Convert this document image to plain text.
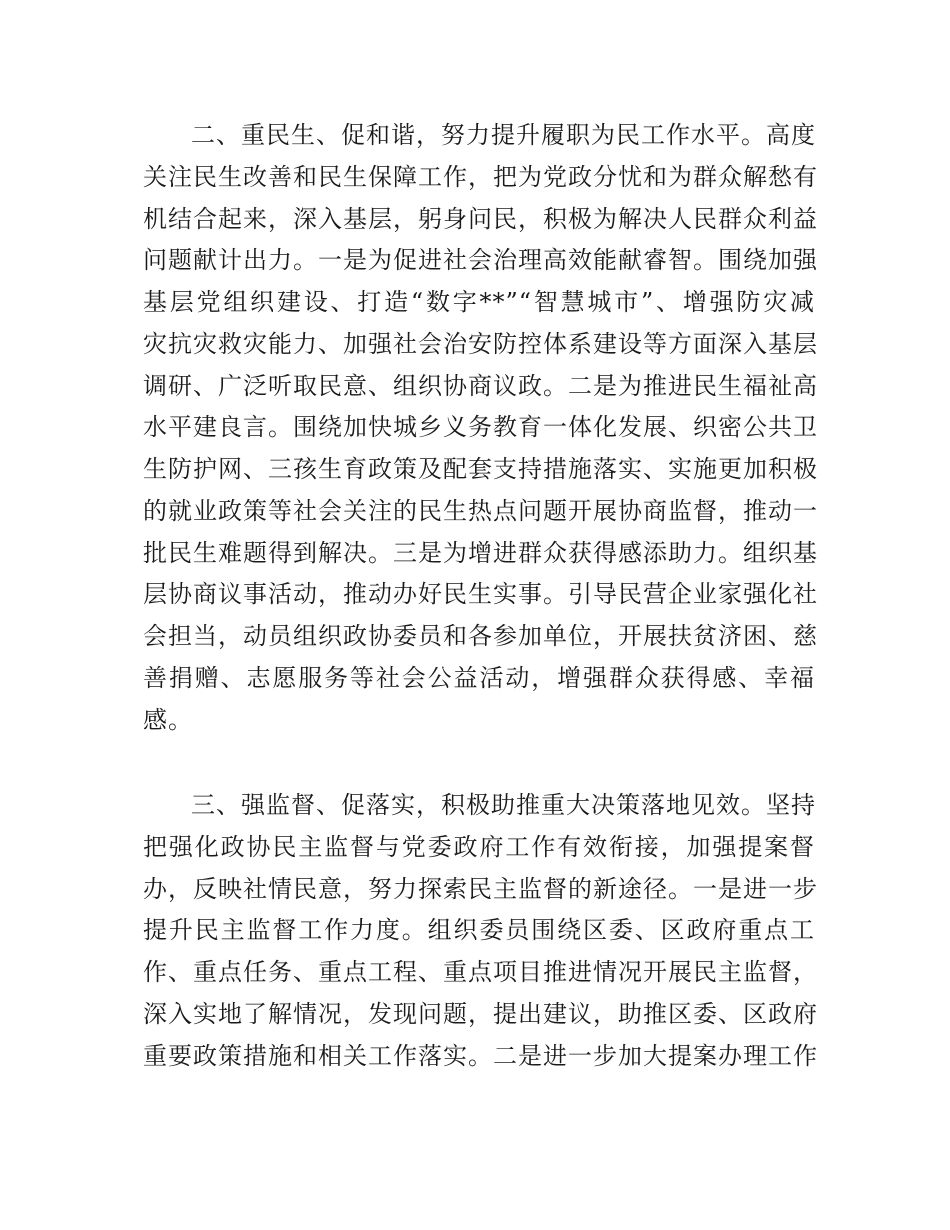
二、重民生、促和谐，努力提升履职为民工作水平。高度
关注民生改善和民生保障工作，把为党政分忧和为群众解愁有
机结合起来，深入基层，躬身问民，积极为解决人民群众利益
问题献计出力。一是为促进社会治理高效能献睿智。围绕加强
基层党组织建设、打造“数字**”“智慧城市”、增强防灾减
灾抗灾救灾能力、加强社会治安防控体系建设等方面深入基层
调研、广泛听取民意、组织协商议政。二是为推进民生福祉高
水平建良言。围绕加快城乡义务教育一体化发展、织密公共卫
生防护网、三孩生育政策及配套支持措施落实、实施更加积极
的就业政策等社会关注的民生热点问题开展协商监督，推动一
批民生难题得到解决。三是为增进群众获得感添助力。组织基
层协商议事活动，推动办好民生实事。引导民营企业家强化社
会担当，动员组织政协委员和各参加单位，开展扶贫济困、慈
善捐赠、志愿服务等社会公益活动，增强群众获得感、幸福
感。
三、强监督、促落实，积极助推重大决策落地见效。坚持
把强化政协民主监督与党委政府工作有效衔接，加强提案督
办，反映社情民意，努力探索民主监督的新途径。一是进一步
提升民主监督工作力度。组织委员围绕区委、区政府重点工
作、重点任务、重点工程、重点项目推进情况开展民主监督，
深入实地了解情况，发现问题，提出建议，助推区委、区政府
重要政策措施和相关工作落实。二是进一步加大提案办理工作
